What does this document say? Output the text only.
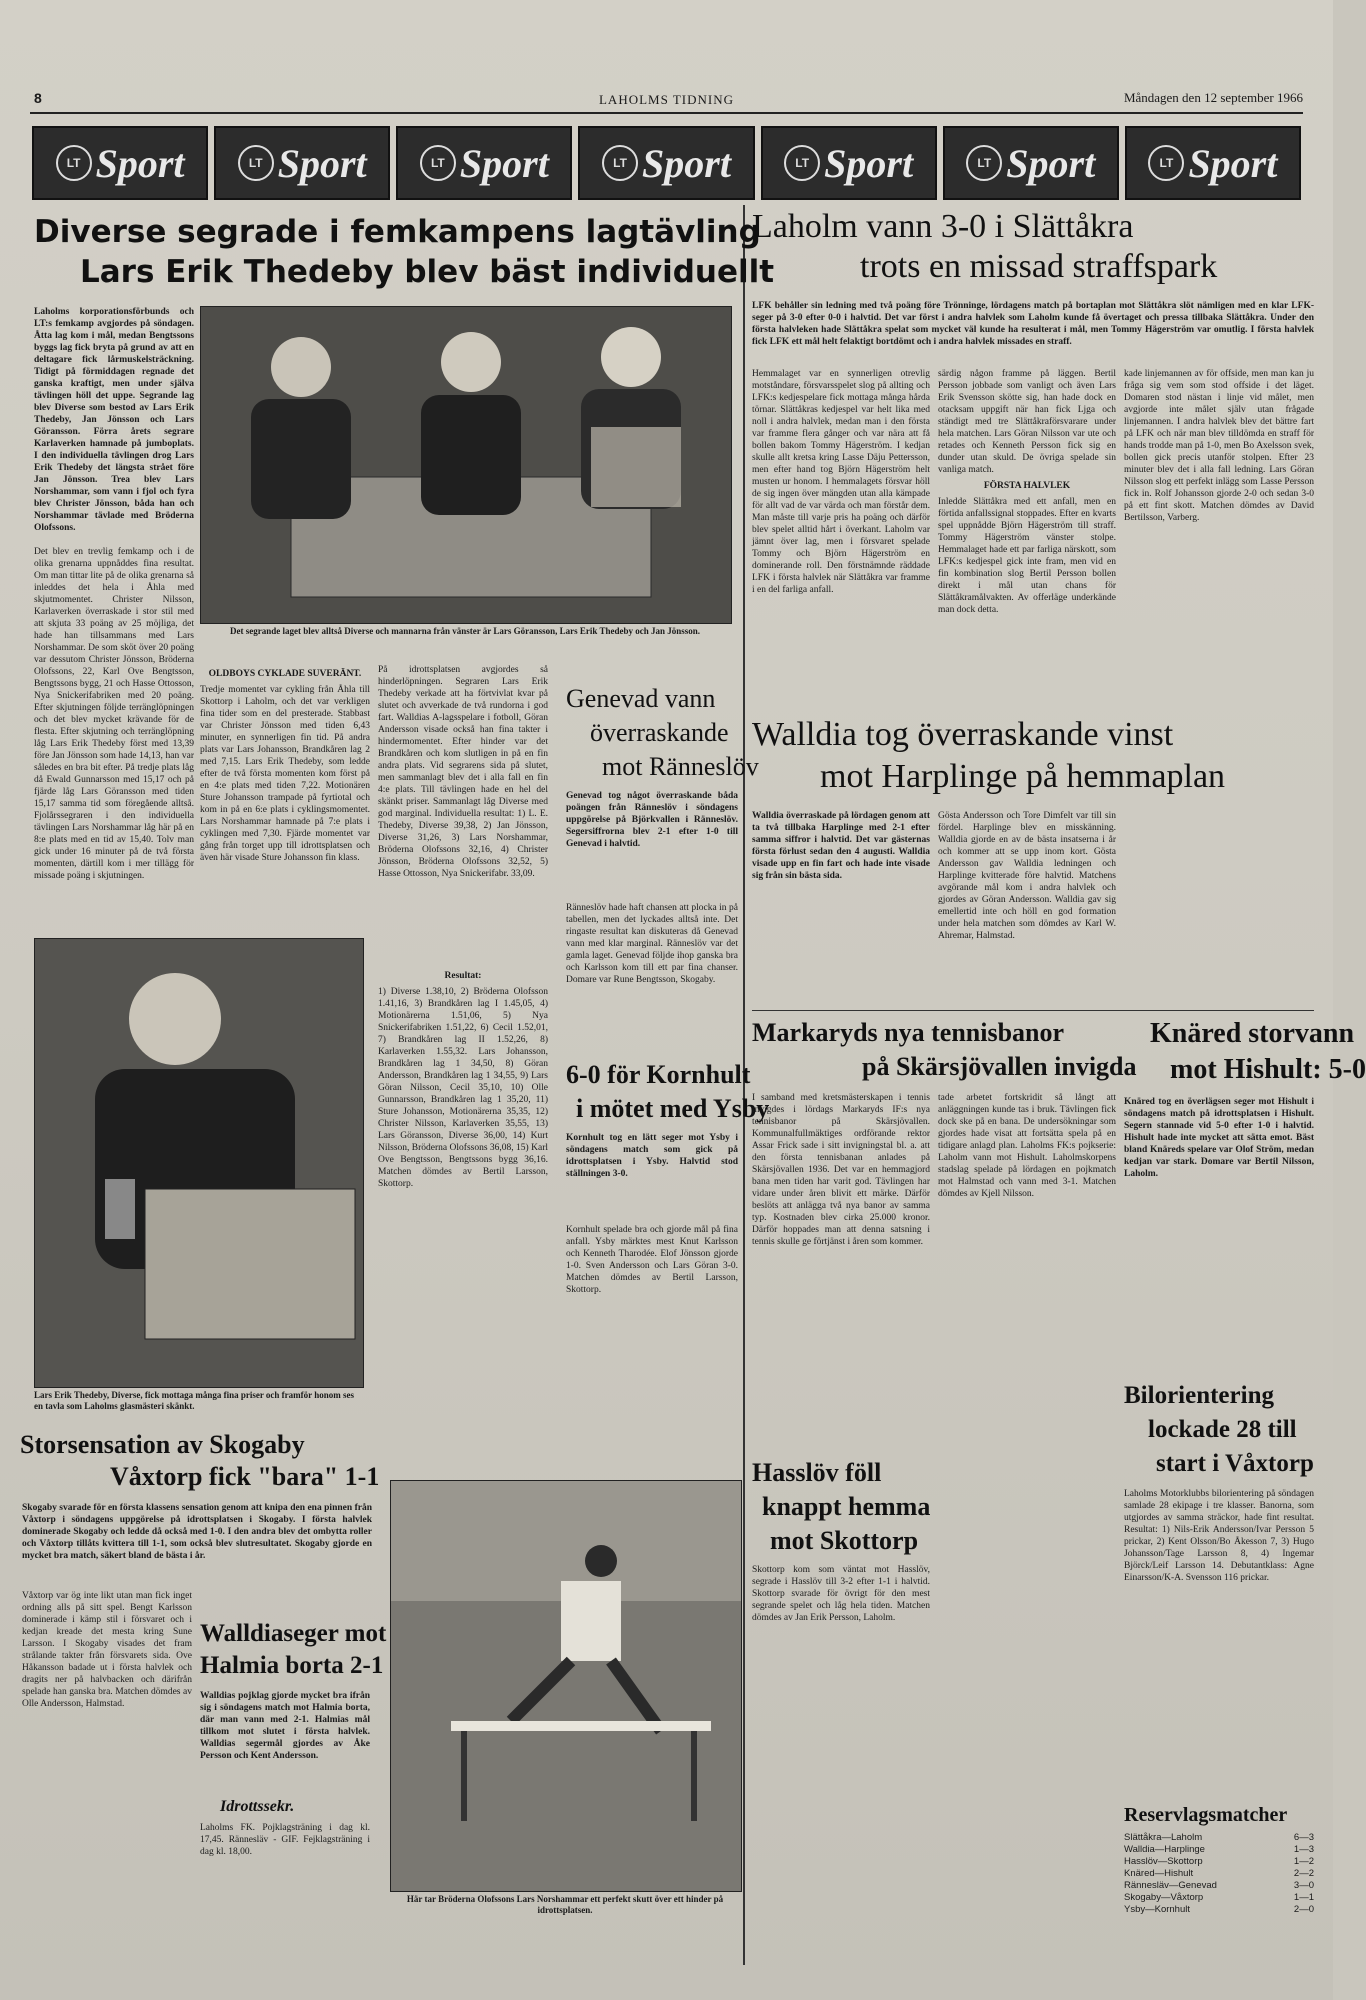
8	LAHOLMS TIDNING	Måndagen den 12 september 1966
LT Sport	LT Sport	LT Sport	LT Sport	LT Sport	LT Sport	LT Sport
Diverse segrade i femkampens lagtävling
Lars Erik Thedeby blev bäst individuellt
Laholms korporationsförbunds och LT:s femkamp avgjordes på söndagen. Åtta lag kom i mål, medan Bengtssons byggs lag fick bryta på grund av att en deltagare fick lårmuskelsträckning. Tidigt på förmiddagen regnade det ganska kraftigt, men under själva tävlingen höll det uppe. Segrande lag blev Diverse som bestod av Lars Erik Thedeby, Jan Jönsson och Lars Göransson. Förra årets segrare Karlaverken hamnade på jumboplats. I den individuella tävlingen drog Lars Erik Thedeby det längsta strået före Jan Jönsson. Trea blev Lars Norshammar, som vann i fjol och fyra blev Christer Jönsson, båda han och Norshammar tävlade med Bröderna Olofssons.
Det blev en trevlig femkamp och i de olika grenarna uppnåddes fina resultat. Om man tittar lite på de olika grenarna så inleddes det hela i Åhla med skjutmomentet. Christer Nilsson, Karlaverken överraskade i stor stil med att skjuta 33 poäng av 25 möjliga, det hade han tillsammans med Lars Norshammar. De som sköt över 20 poäng var dessutom Christer Jönsson, Bröderna Olofssons, 22, Karl Ove Bengtsson, Bengtssons bygg, 21 och Hasse Ottosson, Nya Snickerifabriken med 20 poäng. Efter skjutningen följde terränglöpningen och det blev mycket krävande för de flesta. Efter skjutning och terränglöpning låg Lars Erik Thedeby först med 13,39 före Jan Jönsson som hade 14,13, han var således en bra bit efter. På tredje plats låg då Ewald Gunnarsson med 15,17 och på fjärde låg Lars Göransson med tiden 15,17 samma tid som föregående alltså. Fjolårssegraren i den individuella tävlingen Lars Norshammar låg här på en 8:e plats med en tid av 15,40. Tolv man gick under 16 minuter på de två första momenten, därtill kom i mer tillägg för missade poäng i skjutningen.
Det segrande laget blev alltså Diverse och mannarna från vänster är Lars Göransson, Lars Erik Thedeby och Jan Jönsson.
OLDBOYS CYKLADE SUVERÄNT.
Tredje momentet var cykling från Åhla till Skottorp i Laholm, och det var verkligen fina tider som en del presterade. Stabbast var Christer Jönsson med tiden 6,43 minuter, en synnerligen fin tid. På andra plats var Lars Johansson, Brandkåren lag 2 med 7,15. Lars Erik Thedeby, som ledde efter de två första momenten kom först på en 4:e plats med tiden 7,22. Motionären Sture Johansson trampade på fyrtiotal och kom in på en 6:e plats i cyklingsmomentet. Lars Norshammar hamnade på 7:e plats i cyklingen med 7,30. Fjärde momentet var gång från torget upp till idrottsplatsen och även här visade Sture Johansson fin klass.
På idrottsplatsen avgjordes så hinderlöpningen. Segraren Lars Erik Thedeby verkade att ha förtvivlat kvar på slutet och avverkade de två rundorna i god fart. Walldias A-lagsspelare i fotboll, Göran Andersson visade också han fina takter i hindermomentet. Efter hinder var det Brandkåren och kom slutligen in på en fin andra plats. Vid segrarens sida på slutet, men sammanlagt blev det i alla fall en fin 4:e plats. Till tävlingen hade en hel del skänkt priser. Sammanlagt låg Diverse med god marginal. Individuella resultat: 1) L. E. Thedeby, Diverse 39,38, 2) Jan Jönsson, Diverse 31,26, 3) Lars Norshammar, Bröderna Olofssons 32,16, 4) Christer Jönsson, Bröderna Olofssons 32,52, 5) Hasse Ottosson, Nya Snickerifabr. 33,09.
Lars Erik Thedeby, Diverse, fick mottaga många fina priser och framför honom ses en tavla som Laholms glasmästeri skänkt.
Resultat:
1) Diverse 1.38,10, 2) Bröderna Olofsson 1.41,16, 3) Brandkåren lag I 1.45,05, 4) Motionärerna 1.51,06, 5) Nya Snickerifabriken 1.51,22, 6) Cecil 1.52,01, 7) Brandkåren lag II 1.52,26, 8) Karlaverken 1.55,32. Lars Johansson, Brandkåren lag 1 34,50, 8) Göran Andersson, Brandkåren lag 1 34,55, 9) Lars Göran Nilsson, Cecil 35,10, 10) Olle Gunnarsson, Brandkåren lag 1 35,20, 11) Sture Johansson, Motionärerna 35,35, 12) Christer Nilsson, Karlaverken 35,55, 13) Lars Göransson, Diverse 36,00, 14) Kurt Nilsson, Bröderna Olofssons 36,08, 15) Karl Ove Bengtsson, Bengtssons bygg 36,16. Matchen dömdes av Bertil Larsson, Skottorp.
Storsensation av Skogaby
Våxtorp fick "bara" 1-1
Skogaby svarade för en första klassens sensation genom att knipa den ena pinnen från Våxtorp i söndagens uppgörelse på idrottsplatsen i Skogaby. I första halvlek dominerade Skogaby och ledde då också med 1-0. I den andra blev det ombytta roller och Våxtorp tillåts kvittera till 1-1, som också blev slutresultatet. Skogaby gjorde en mycket bra match, säkert bland de bästa i år.
Våxtorp var ög inte likt utan man fick inget ordning alls på sitt spel. Bengt Karlsson dominerade i kämp stil i försvaret och i kedjan kreade det mesta kring Sune Larsson. I Skogaby visades det fram strålande takter från försvarets sida. Ove Håkansson badade ut i första halvlek och dragits ner på halvbacken och därifrån spelade han ganska bra. Matchen dömdes av Olle Andersson, Halmstad.
Walldiaseger mot
Halmia borta 2-1
Walldias pojklag gjorde mycket bra ifrån sig i söndagens match mot Halmia borta, där man vann med 2-1. Halmias mål tillkom mot slutet i första halvlek. Walldias segermål gjordes av Åke Persson och Kent Andersson.
Idrottssekr.
Laholms FK. Pojklagsträning i dag kl. 17,45. Rännesläv - GIF. Fejklagsträning i dag kl. 18,00.
Här tar Bröderna Olofssons Lars Norshammar ett perfekt skutt över ett hinder på idrottsplatsen.
Genevad vann
överraskande
mot Ränneslöv
Genevad tog något överraskande båda poängen från Ränneslöv i söndagens uppgörelse på Björkvallen i Ränneslöv. Segersiffrorna blev 2-1 efter 1-0 till Genevad i halvtid.
Ränneslöv hade haft chansen att plocka in på tabellen, men det lyckades alltså inte. Det ringaste resultat kan diskuteras då Genevad vann med klar marginal. Ränneslöv var det gamla laget. Genevad följde ihop ganska bra och Karlsson kom till ett par fina chanser. Domare var Rune Bengtsson, Skogaby.
6-0 för Kornhult
i mötet med Ysby
Kornhult tog en lätt seger mot Ysby i söndagens match som gick på idrottsplatsen i Ysby. Halvtid stod ställningen 3-0.
Kornhult spelade bra och gjorde mål på fina anfall. Ysby märktes mest Knut Karlsson och Kenneth Tharodée. Elof Jönsson gjorde 1-0. Sven Andersson och Lars Göran 3-0. Matchen dömdes av Bertil Larsson, Skottorp.
Laholm vann 3-0 i Slättåkra
trots en missad straffspark
LFK behåller sin ledning med två poäng före Trönninge, lördagens match på bortaplan mot Slättåkra slöt nämligen med en klar LFK-seger på 3-0 efter 0-0 i halvtid. Det var först i andra halvlek som Laholm kunde få övertaget och pressa tillbaka Slättåkra. Under den första halvleken hade Slättåkra spelat som mycket väl kunde ha resulterat i mål, men Tommy Hägerström var omutlig. I första halvlek fick LFK ett mål helt felaktigt bortdömt och i andra halvlek missades en straff.
Hemmalaget var en synnerligen otrevlig motståndare, försvarsspelet slog på allting och LFK:s kedjespelare fick mottaga många hårda törnar. Slättåkras kedjespel var helt lika med noll i andra halvlek, medan man i den första var framme flera gånger och var nära att få bollen bakom Tommy Hägerström. I kedjan skulle allt kretsa kring Lasse Däju Pettersson, men efter hand tog Björn Hägerström helt musten ur honom. I hemmalagets försvar höll de sig ingen över mängden utan alla kämpade för allt vad de var värda och man förstår dem. Man måste till varje pris ha poäng och därför blev spelet alltid hårt i överkant. Laholm var jämnt över lag, men i försvaret spelade Tommy och Björn Hägerström en dominerande roll. Den förstnämnde räddade LFK i första halvlek när Slättåkra var framme i en del farliga anfall.
särdig någon framme på läggen. Bertil Persson jobbade som vanligt och även Lars Erik Svensson skötte sig, han hade dock en otacksam uppgift när han fick Ljga och ständigt med tre Slättåkraförsvarare under hela matchen. Lars Göran Nilsson var ute och retades och Kenneth Persson fick sig en dunder utan skuld. De övriga spelade sin vanliga match.
FÖRSTA HALVLEK
Inledde Slättåkra med ett anfall, men en förtida anfallssignal stoppades. Efter en kvarts spel uppnådde Björn Hägerström till straff. Tommy Hägerström vänster stolpe. Hemmalaget hade ett par farliga närskott, som LFK:s kedjespel gick inte fram, men vid en fin kombination slog Bertil Persson bollen direkt i mål utan chans för Slättåkramålvakten. Av offerläge underkände man dock detta.
kade linjemannen av för offside, men man kan ju fråga sig vem som stod offside i det läget. Domaren stod nästan i linje vid målet, men avgjorde inte målet själv utan frågade linjemannen. I andra halvlek blev det bättre fart på LFK och när man blev tilldömda en straff för hands trodde man på 1-0, men Bo Axelsson svek, bollen gick precis utanför stolpen. Efter 23 minuter blev det i alla fall ledning. Lars Göran Nilsson slog ett perfekt inlägg som Lasse Persson fick in. Rolf Johansson gjorde 2-0 och sedan 3-0 på ett fint skott. Matchen dömdes av David Bertilsson, Varberg.
Walldia tog överraskande vinst
mot Harplinge på hemmaplan
Walldia överraskade på lördagen genom att ta två tillbaka Harplinge med 2-1 efter samma siffror i halvtid. Det var gästernas första förlust sedan den 4 augusti. Walldia visade upp en fin fart och hade inte visade sig från sin bästa sida.
Gösta Andersson och Tore Dimfelt var till sin fördel. Harplinge blev en misskänning. Walldia gjorde en av de bästa insatserna i år och kommer att se upp inom kort. Gösta Andersson gav Walldia ledningen och Harplinge kvitterade före halvtid. Matchens avgörande mål kom i andra halvlek och gjordes av Göran Andersson. Walldia gav sig emellertid inte och höll en god formation under hela matchen som dömdes av Karl W. Ahremar, Halmstad.
Markaryds nya tennisbanor
på Skärsjövallen invigda
I samband med kretsmästerskapen i tennis invigdes i lördags Markaryds IF:s nya tennisbanor på Skärsjövallen. Kommunalfullmäktiges ordförande rektor Assar Frick sade i sitt invigningstal bl. a. att den första tennisbanan anlades på Skärsjövallen 1936. Det var en hemmagjord bana men tiden har varit god. Tävlingen har vidare under åren blivit ett märke. Därför beslöts att anlägga två nya banor av samma typ. Kostnaden blev cirka 25.000 kronor. Därför hoppades man att denna satsning i tennis skulle ge förtjänst i åren som kommer.
tade arbetet fortskridit så långt att anläggningen kunde tas i bruk. Tävlingen fick dock ske på en bana. De undersökningar som gjordes hade visat att fortsätta spela på en tidigare anlagd plan. Laholms FK:s pojkserie: Laholm vann mot Hishult. Laholmskorpens stadslag spelade på lördagen en pojkmatch mot Halmstad och vann med 3-1. Matchen dömdes av Kjell Nilsson.
Hasslöv föll
knappt hemma
mot Skottorp
Skottorp kom som väntat mot Hasslöv, segrade i Hasslöv till 3-2 efter 1-1 i halvtid. Skottorp svarade för övrigt för den mest segrande spelet och låg hela tiden. Matchen dömdes av Jan Erik Persson, Laholm.
Knäred storvann
mot Hishult: 5-0
Knäred tog en överlägsen seger mot Hishult i söndagens match på idrottsplatsen i Hishult. Segern stannade vid 5-0 efter 1-0 i halvtid. Hishult hade inte mycket att sätta emot. Bäst bland Knäreds spelare var Olof Ström, medan kedjan var stark. Domare var Bertil Nilsson, Laholm.
Bilorientering
lockade 28 till
start i Våxtorp
Laholms Motorklubbs bilorientering på söndagen samlade 28 ekipage i tre klasser. Banorna, som utgjordes av samma sträckor, hade fint resultat. Resultat: 1) Nils-Erik Andersson/Ivar Persson 5 prickar, 2) Kent Olsson/Bo Åkesson 7, 3) Hugo Johansson/Tage Larsson 8, 4) Ingemar Björck/Leif Larsson 14. Debutantklass: Agne Einarsson/K-A. Svensson 116 prickar.
Reservlagsmatcher
Slättåkra—Laholm	6—3
Walldia—Harplinge	1—3
Hasslöv—Skottorp	1—2
Knäred—Hishult	2—2
Rännesläv—Genevad	3—0
Skogaby—Våxtorp	1—1
Ysby—Kornhult	2—0
